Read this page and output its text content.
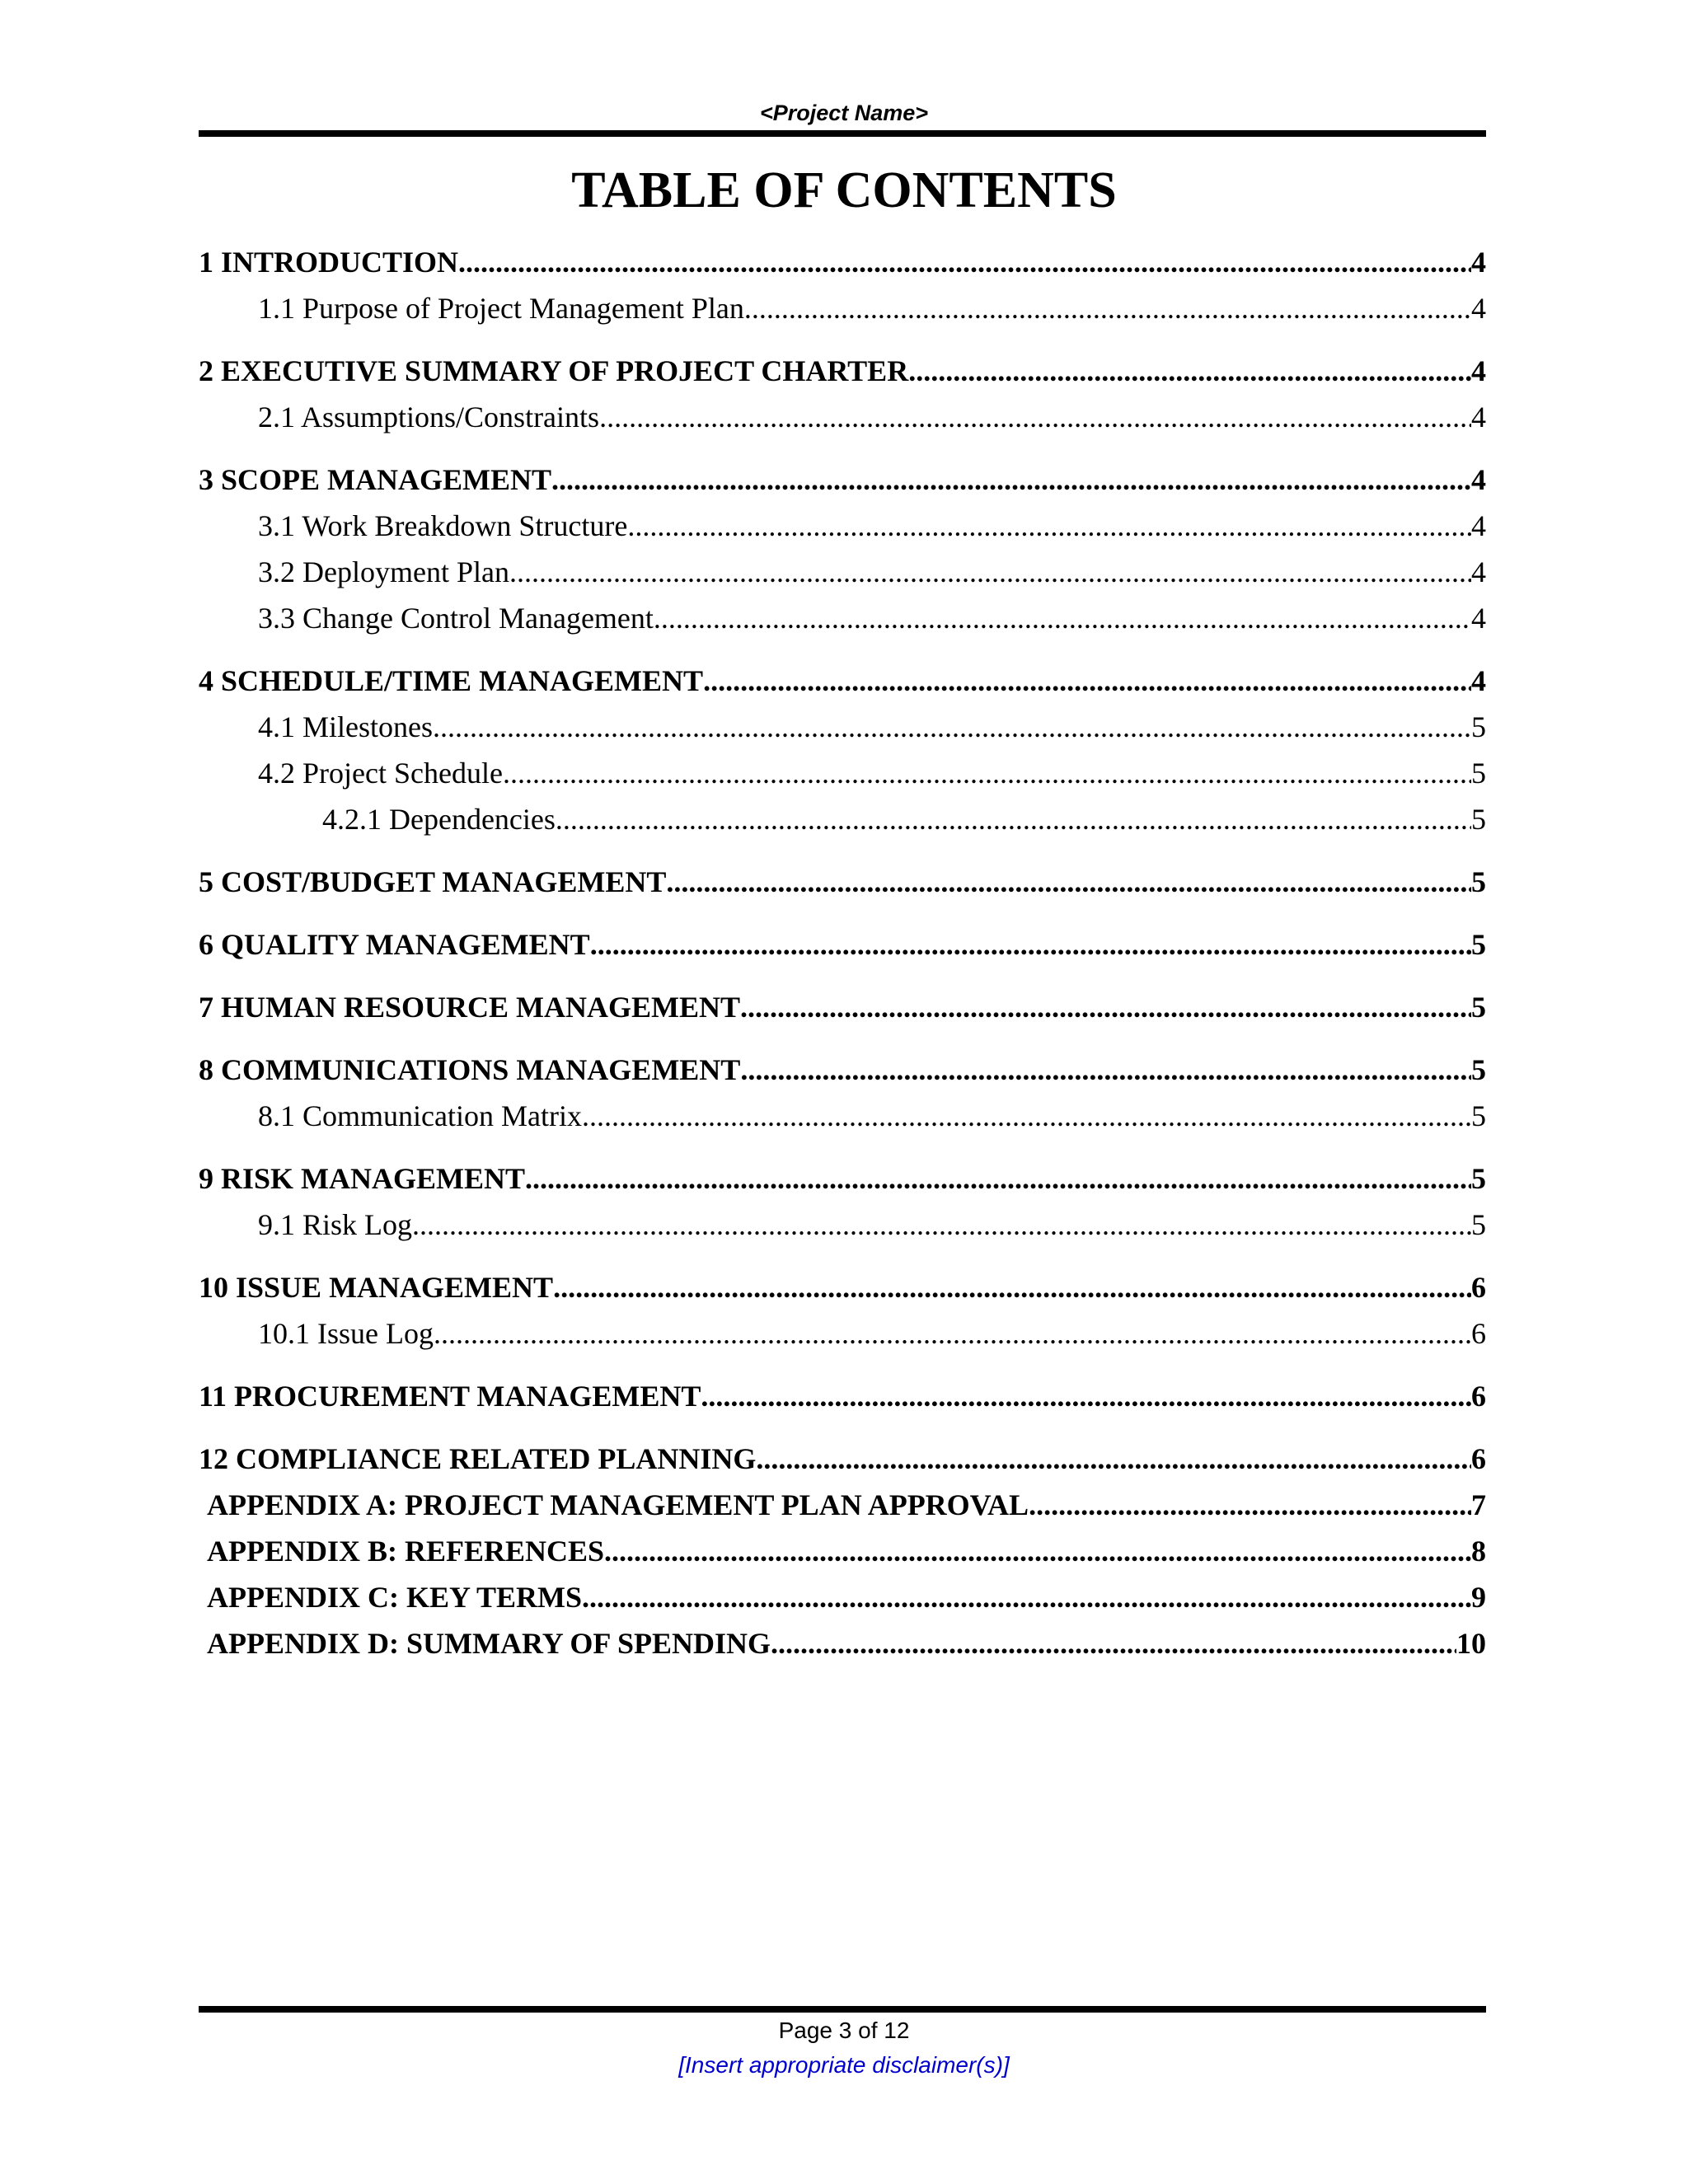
<Project Name>
TABLE OF CONTENTS
1 INTRODUCTION .....	4
1.1 Purpose of Project Management Plan .....	4
2 EXECUTIVE SUMMARY OF PROJECT CHARTER .....	4
2.1 Assumptions/Constraints .....	4
3 SCOPE MANAGEMENT .....	4
3.1 Work Breakdown Structure .....	4
3.2 Deployment Plan .....	4
3.3 Change Control Management .....	4
4 SCHEDULE/TIME MANAGEMENT .....	4
4.1 Milestones .....	5
4.2 Project Schedule .....	5
4.2.1 Dependencies .....	5
5 COST/BUDGET MANAGEMENT .....	5
6 QUALITY MANAGEMENT .....	5
7 HUMAN RESOURCE MANAGEMENT .....	5
8 COMMUNICATIONS MANAGEMENT .....	5
8.1 Communication Matrix .....	5
9 RISK MANAGEMENT .....	5
9.1 Risk Log .....	5
10 ISSUE MANAGEMENT .....	6
10.1 Issue Log .....	6
11 PROCUREMENT MANAGEMENT .....	6
12 COMPLIANCE RELATED PLANNING .....	6
APPENDIX A: PROJECT MANAGEMENT PLAN APPROVAL .....	7
APPENDIX B: REFERENCES .....	8
APPENDIX C: KEY TERMS .....	9
APPENDIX D: SUMMARY OF SPENDING .....	10
Page 3 of 12
[Insert appropriate disclaimer(s)]
